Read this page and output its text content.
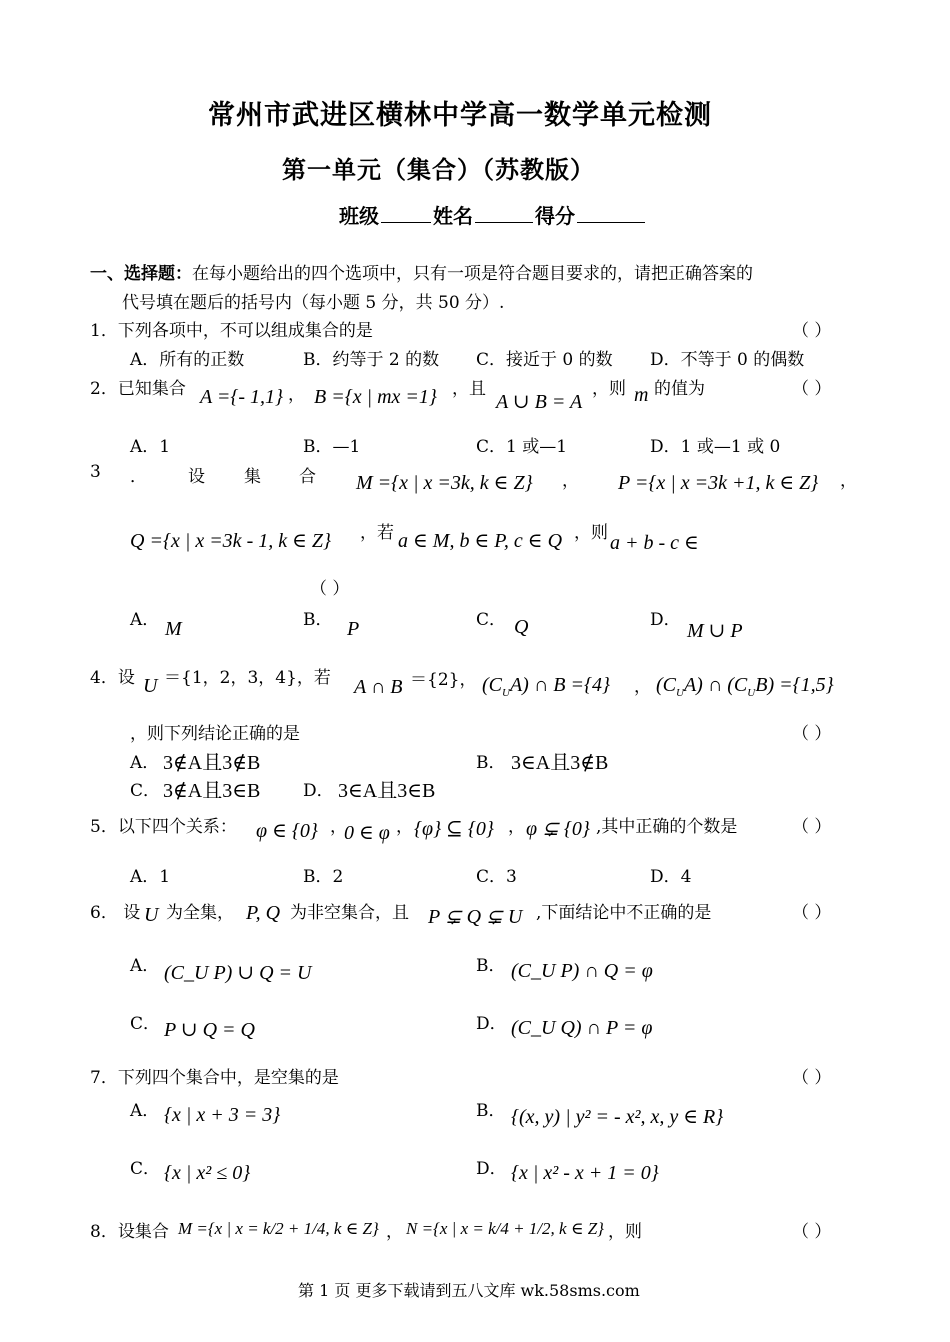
常州市武进区横林中学高一数学单元检测
第一单元（集合）（苏教版）
班级	姓名	得分
一、选择题：在每小题给出的四个选项中，只有一项是符合题目要求的，请把正确答案的
代号填在题后的括号内（每小题 5 分，共 50 分）.
1．下列各项中，不可以组成集合的是	（ ）
A．所有的正数	B．约等于 2 的数 C．接近于 0 的数 D．不等于 0 的偶数
2．已知集合 A ={- 1,1} ， B ={x | mx =1} ，且
A ∪ B = A
，则 m 的值为	（ ）
A．1	B．—1	C．1 或—1	D．1 或—1 或 0
3 ． 设 集 合 M ={x | x =3k, k ∈ Z} ， P ={x | x =3k +1, k ∈ Z} ，
Q ={x | x =3k - 1, k ∈ Z} ，若 a ∈ M, b ∈ P, c ∈ Q ，则 a + b - c ∈
（ ）
A． M	B． P	C． Q	D． M ∪ P
4．设 U ＝{1，2，3，4}，若 A ∩ B ＝{2}， $(C_UA)$ ∩ B ={4} ， $(C_UA)$ ∩ $(C_UB) =\{1,5\}$
，则下列结论正确的是	（ ）
A． 3∉A且3∉B	B． 3∈A且3∉B
C． 3∉A且3∈B	D． 3∈A且3∈B
5．以下四个关系： φ ∈ {0} ，
0 ∈ φ ， {φ} ⊆ {0} ， φ ⊊ {0} ,其中正确的个数是	（ ）
A．1	B．2	C．3	D．4
6． 设 U 为全集， P, Q 为非空集合，且 P ⊊ Q ⊊ U ,下面结论中不正确的是	（ ）
A． (C_U P) ∪ Q = U	B． (C_U P) ∩ Q = φ
C． P ∪ Q = Q	D． (C_U Q) ∩ P = φ
7．下列四个集合中，是空集的是	（ ）
A． {x | x + 3 = 3}	B． {(x, y) | y² = - x², x, y ∈ R}
C． {x | x² ≤ 0}	D． {x | x² - x + 1 = 0}
8．设集合 M ={x | x = k/2 + 1/4, k ∈ Z} ， N ={x | x = k/4 + 1/2, k ∈ Z} ，则	（ ）
第 1 页 更多下载请到五八文库 wk.58sms.com
